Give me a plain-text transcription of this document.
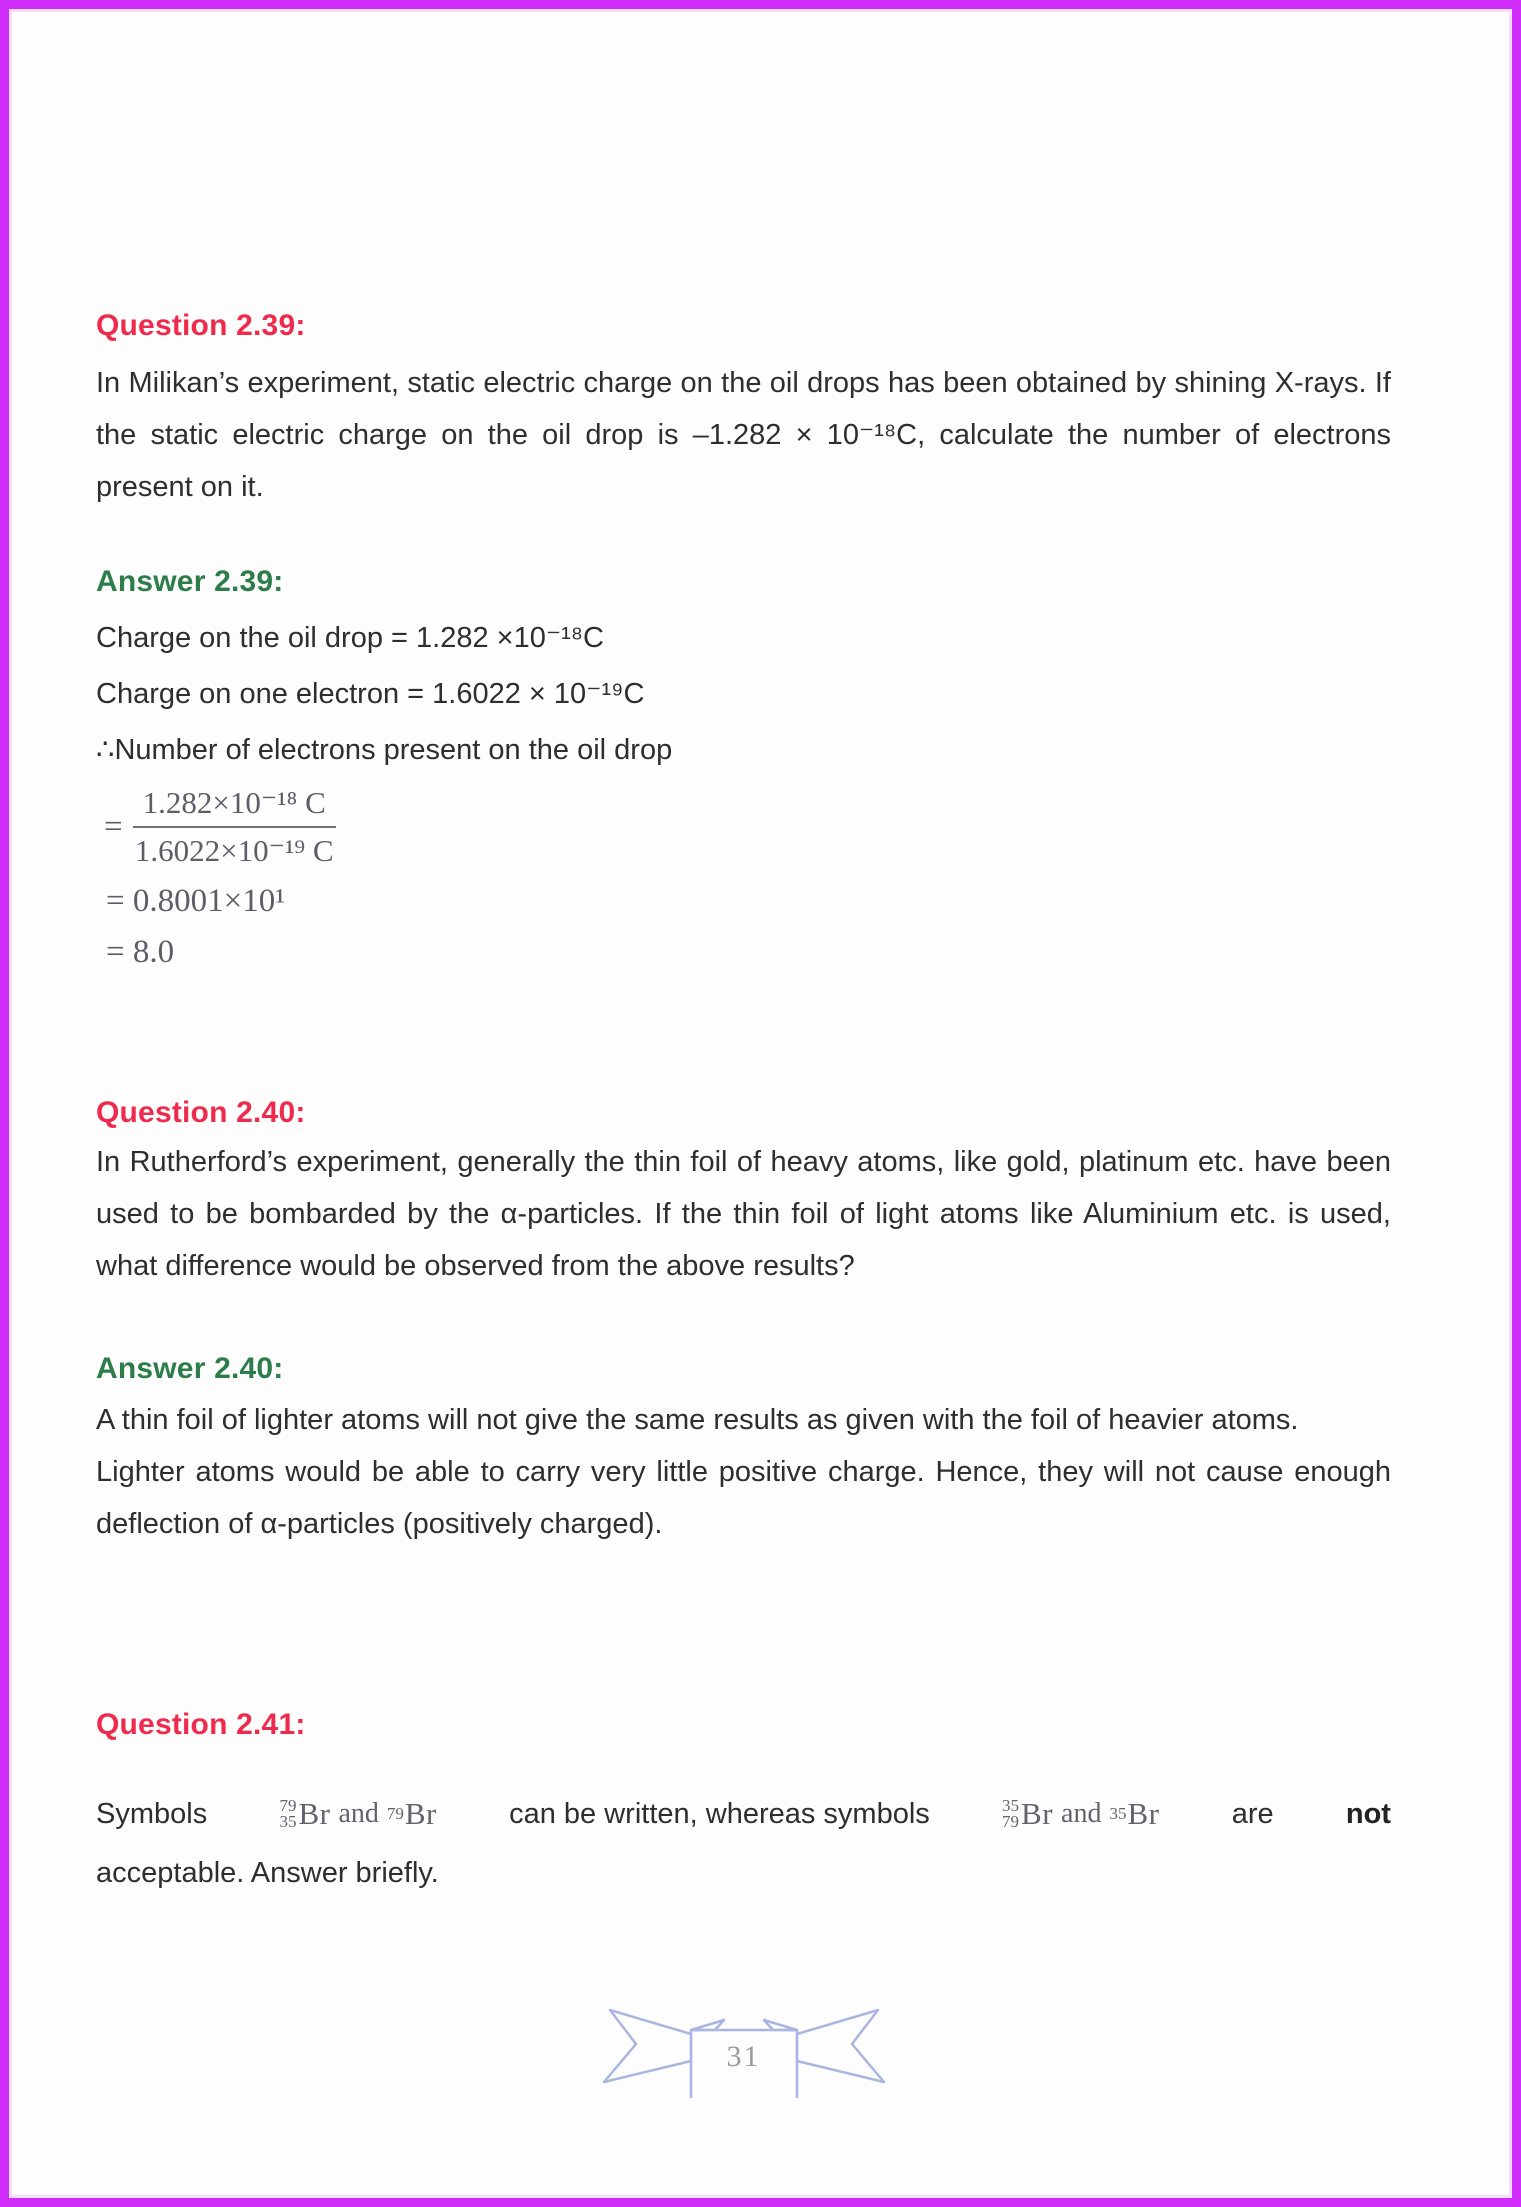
Question 2.39:

In Milikan’s experiment, static electric charge on the oil drops has been obtained by shining X-rays. If the static electric charge on the oil drop is –1.282 × 10⁻¹⁸C, calculate the number of electrons present on it.

Answer 2.39:

Charge on the oil drop = 1.282 ×10⁻¹⁸C

Charge on one electron = 1.6022 × 10⁻¹⁹C

∴Number of electrons present on the oil drop

= $\frac{\text{1.282×10⁻¹⁸ C}}{\text{1.6022×10⁻¹⁹ C}}$
= 0.8001×10¹
= 8.0
Question 2.40:

In Rutherford’s experiment, generally the thin foil of heavy atoms, like gold, platinum etc. have been used to be bombarded by the α-particles. If the thin foil of light atoms like Aluminium etc. is used, what difference would be observed from the above results?

Answer 2.40:

A thin foil of lighter atoms will not give the same results as given with the foil of heavier atoms.

Lighter atoms would be able to carry very little positive charge. Hence, they will not cause enough deflection of α-particles (positively charged).

Question 2.41:
Symbols	79
35 Br and 79 Br can be written, whereas symbols	35
79 Br and 35 Br are not

acceptable. Answer briefly.

31
